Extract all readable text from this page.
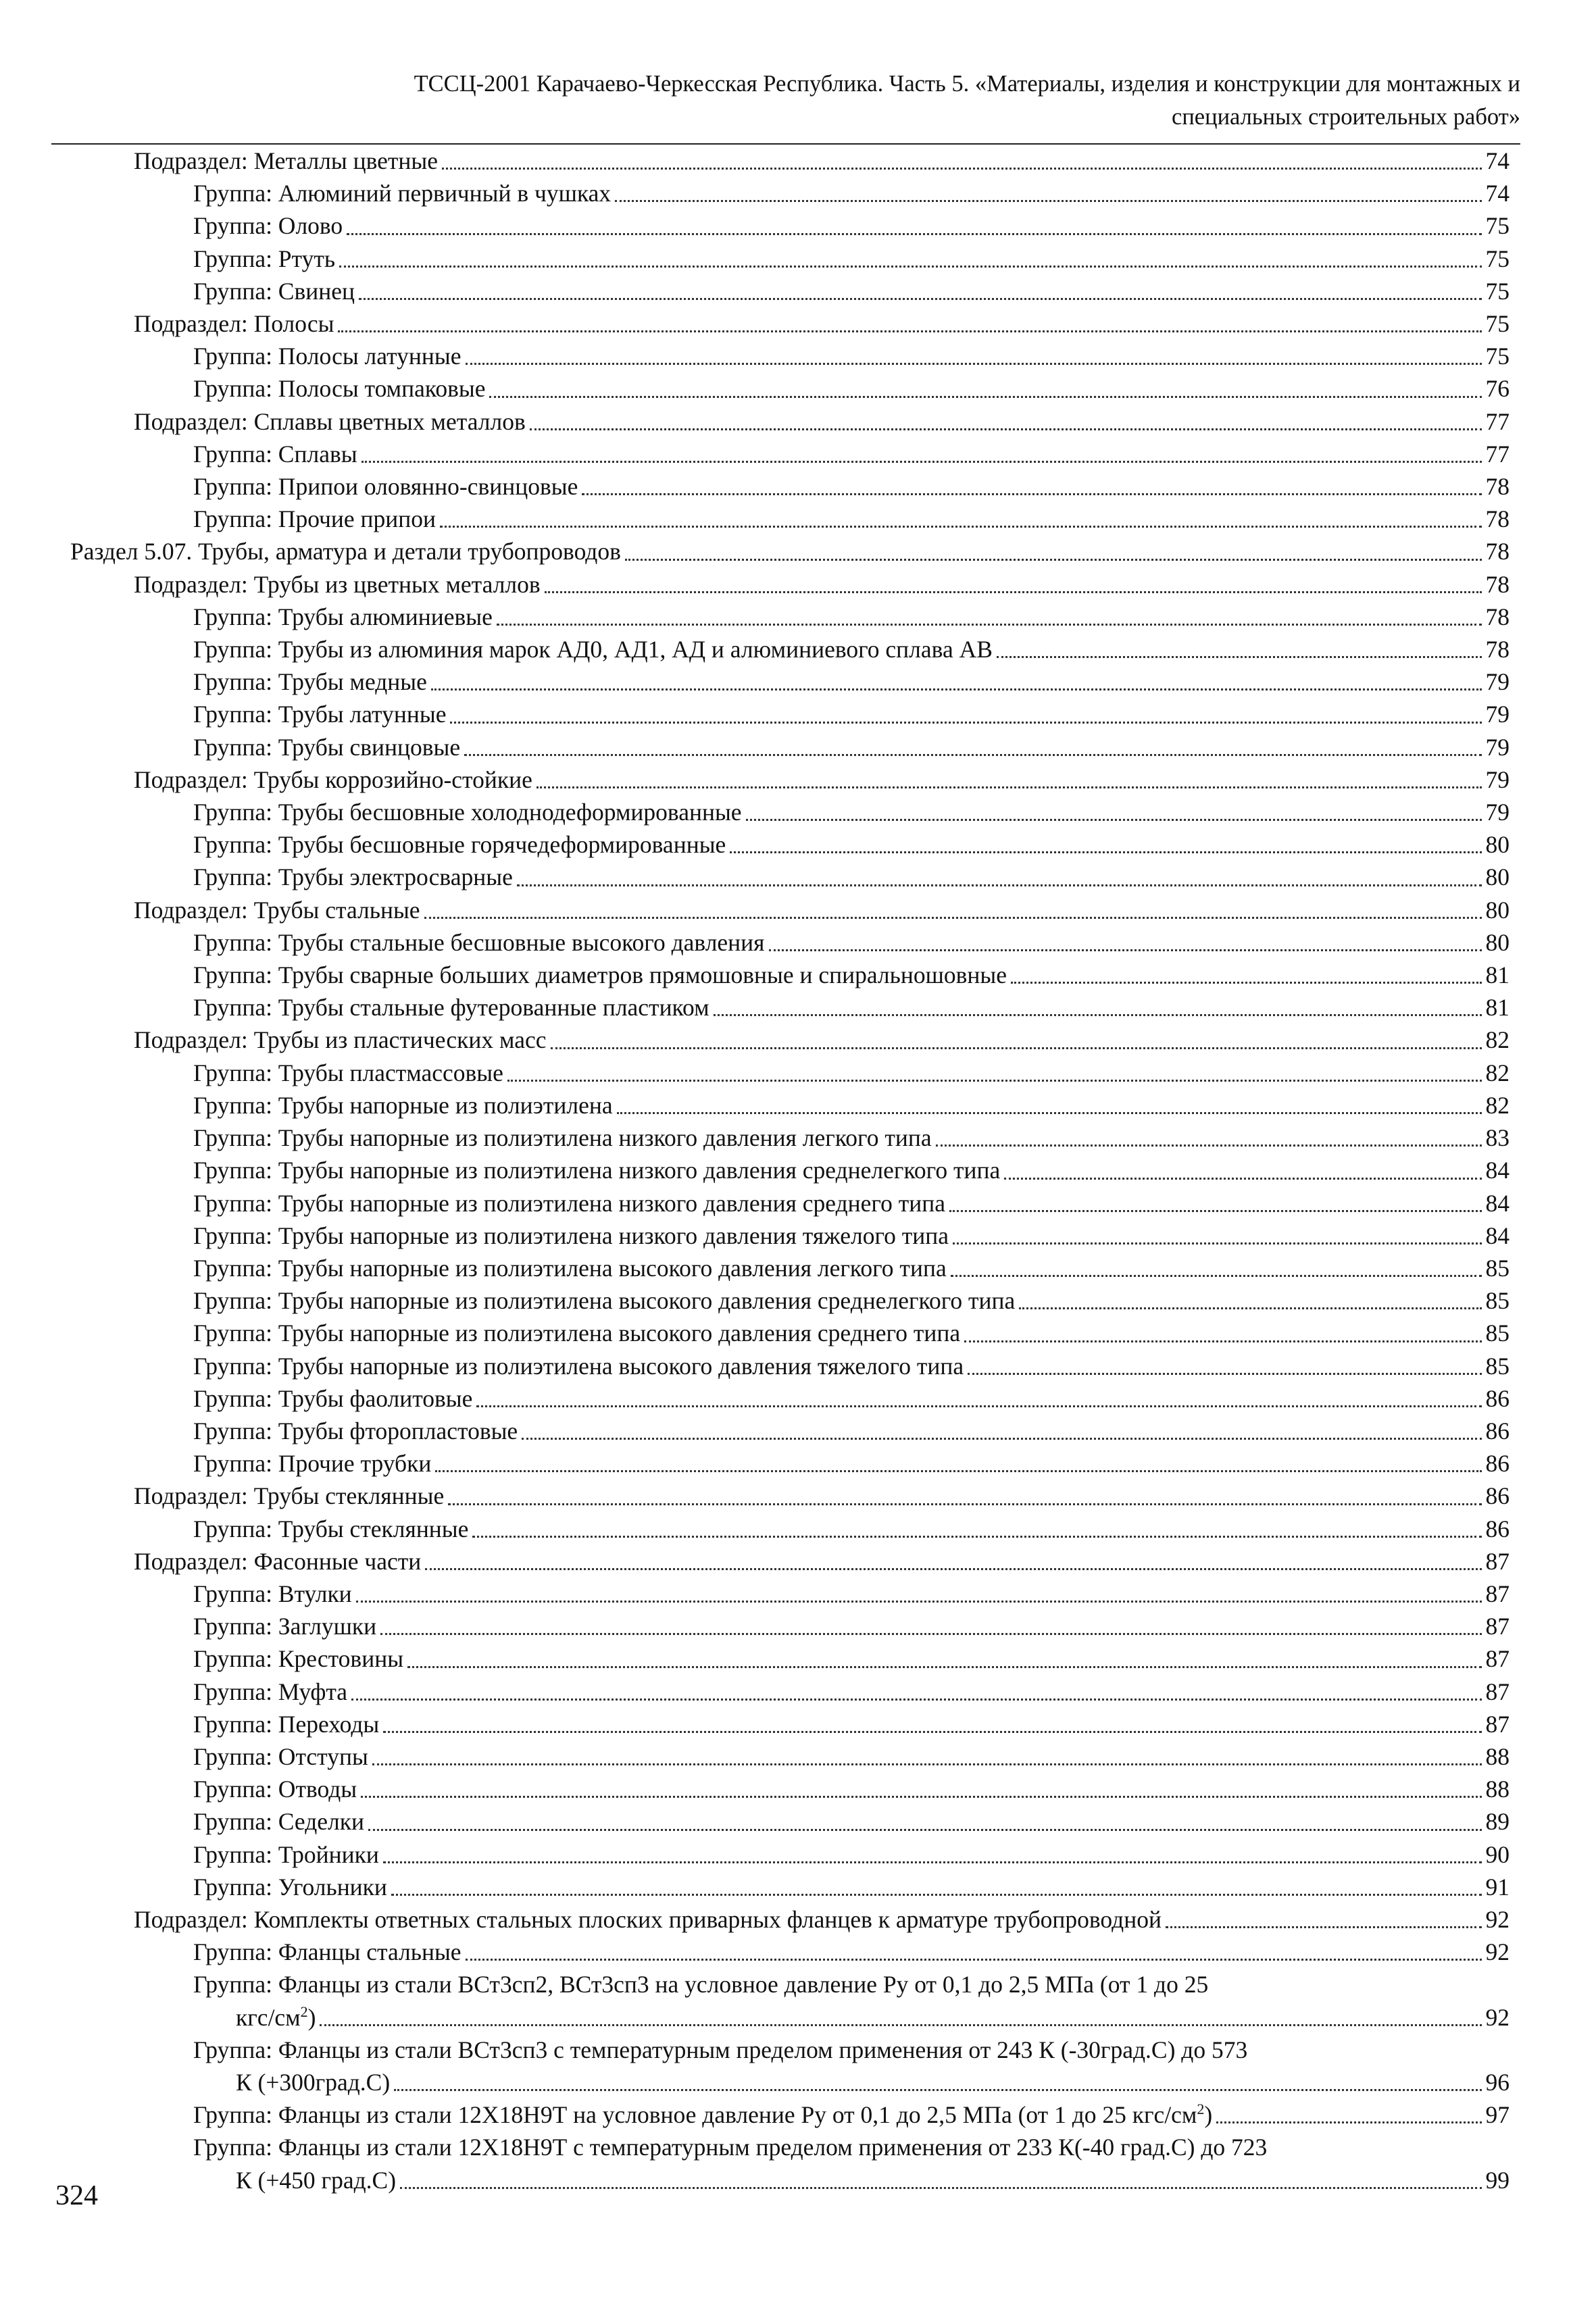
ТССЦ-2001 Карачаево-Черкесская Республика. Часть 5. «Материалы, изделия и конструкции для монтажных и
специальных строительных работ»
Подраздел: Металлы цветные	74
Группа: Алюминий первичный в чушках	74
Группа: Олово	75
Группа: Ртуть	75
Группа: Свинец	75
Подраздел: Полосы	75
Группа: Полосы латунные	75
Группа: Полосы томпаковые	76
Подраздел: Сплавы цветных металлов	77
Группа: Сплавы	77
Группа: Припои оловянно-свинцовые	78
Группа: Прочие припои	78
Раздел 5.07. Трубы, арматура и детали трубопроводов	78
Подраздел: Трубы из цветных металлов	78
Группа: Трубы алюминиевые	78
Группа: Трубы из алюминия марок АД0, АД1, АД и алюминиевого сплава АВ	78
Группа: Трубы медные	79
Группа: Трубы латунные	79
Группа: Трубы свинцовые	79
Подраздел: Трубы коррозийно-стойкие	79
Группа: Трубы бесшовные холоднодеформированные	79
Группа: Трубы бесшовные горячедеформированные	80
Группа: Трубы электросварные	80
Подраздел: Трубы стальные	80
Группа: Трубы стальные бесшовные высокого давления	80
Группа: Трубы сварные больших диаметров прямошовные и спиральношовные	81
Группа: Трубы стальные футерованные пластиком	81
Подраздел: Трубы из пластических масс	82
Группа: Трубы пластмассовые	82
Группа: Трубы напорные из полиэтилена	82
Группа: Трубы напорные из полиэтилена низкого давления легкого типа	83
Группа: Трубы напорные из полиэтилена низкого давления среднелегкого типа	84
Группа: Трубы напорные из полиэтилена низкого давления среднего типа	84
Группа: Трубы напорные из полиэтилена низкого давления тяжелого типа	84
Группа: Трубы напорные из полиэтилена высокого давления легкого типа	85
Группа: Трубы напорные из полиэтилена высокого давления среднелегкого типа	85
Группа: Трубы напорные из полиэтилена высокого давления среднего типа	85
Группа: Трубы напорные из полиэтилена высокого давления тяжелого типа	85
Группа: Трубы фаолитовые	86
Группа: Трубы фторопластовые	86
Группа: Прочие трубки	86
Подраздел: Трубы стеклянные	86
Группа: Трубы стеклянные	86
Подраздел: Фасонные части	87
Группа: Втулки	87
Группа: Заглушки	87
Группа: Крестовины	87
Группа: Муфта	87
Группа: Переходы	87
Группа: Отступы	88
Группа: Отводы	88
Группа: Седелки	89
Группа: Тройники	90
Группа: Угольники	91
Подраздел: Комплекты ответных стальных плоских приварных фланцев к арматуре трубопроводной	92
Группа: Фланцы стальные	92
Группа: Фланцы из стали ВСт3сп2, ВСт3сп3 на условное давление Ру от 0,1 до 2,5 МПа (от 1 до 25
кгс/$см^2$)	92
Группа: Фланцы из стали ВСт3сп3 с температурным пределом применения от 243 К (-30град.С) до 573
К (+300град.С)	96
Группа: Фланцы из стали 12Х18Н9Т на условное давление Ру от 0,1 до 2,5 МПа (от 1 до 25 кгс/$см^2$)	97
Группа: Фланцы из стали 12Х18Н9Т с температурным пределом применения от 233 К(-40 град.С) до 723
К (+450 град.С)	99
324
